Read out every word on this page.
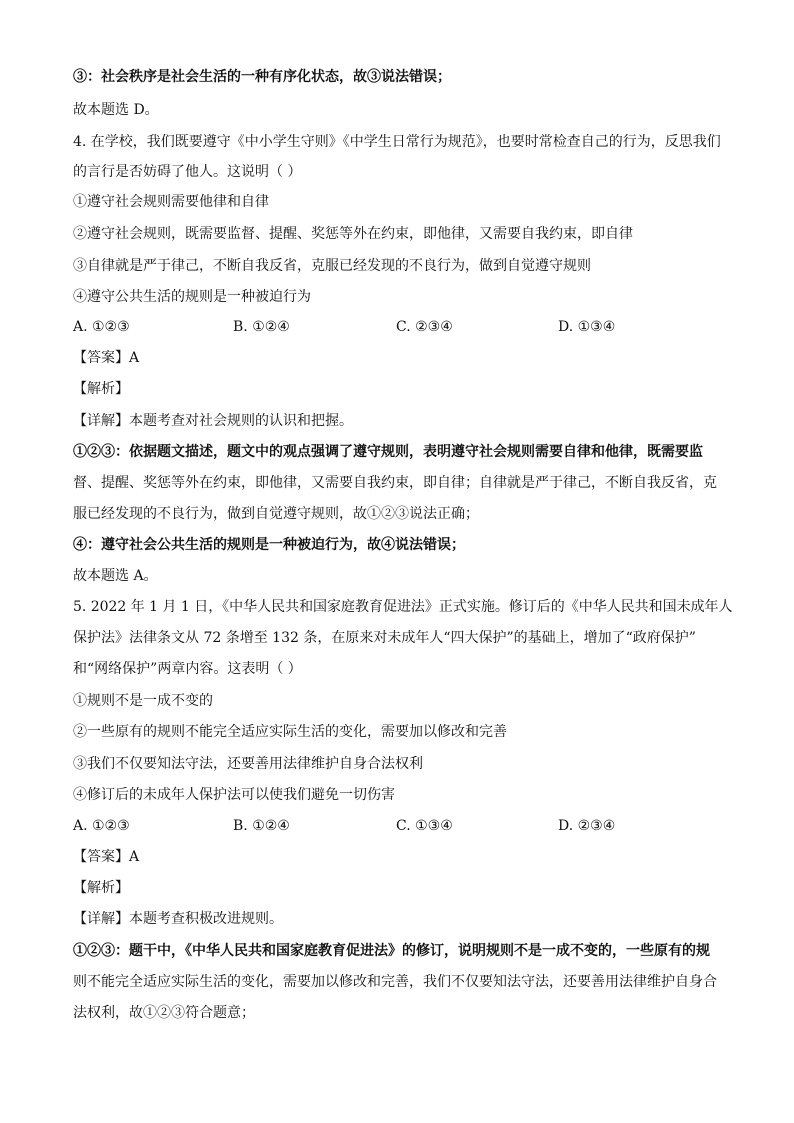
③：社会秩序是社会生活的一种有序化状态，故③说法错误；
故本题选 D。
4. 在学校，我们既要遵守《中小学生守则》《中学生日常行为规范》，也要时常检查自己的行为，反思我们
的言行是否妨碍了他人。这说明（ ）
①遵守社会规则需要他律和自律
②遵守社会规则，既需要监督、提醒、奖惩等外在约束，即他律，又需要自我约束，即自律
③自律就是严于律己，不断自我反省，克服已经发现的不良行为，做到自觉遵守规则
④遵守公共生活的规则是一种被迫行为
A. ①②③	B. ①②④	C. ②③④	D. ①③④
【答案】A
【解析】
【详解】本题考查对社会规则的认识和把握。
①②③：依据题文描述，题文中的观点强调了遵守规则，表明遵守社会规则需要自律和他律，既需要监
督、提醒、奖惩等外在约束，即他律，又需要自我约束，即自律；自律就是严于律己，不断自我反省，克
服已经发现的不良行为，做到自觉遵守规则，故①②③说法正确；
④：遵守社会公共生活的规则是一种被迫行为，故④说法错误；
故本题选 A。
5. 2022 年 1 月 1 日，《中华人民共和国家庭教育促进法》正式实施。修订后的《中华人民共和国未成年人
保护法》法律条文从 72 条增至 132 条，在原来对未成年人“四大保护”的基础上，增加了“政府保护”
和“网络保护”两章内容。这表明（ ）
①规则不是一成不变的
②一些原有的规则不能完全适应实际生活的变化，需要加以修改和完善
③我们不仅要知法守法，还要善用法律维护自身合法权利
④修订后的未成年人保护法可以使我们避免一切伤害
A. ①②③	B. ①②④	C. ①③④	D. ②③④
【答案】A
【解析】
【详解】本题考查积极改进规则。
①②③：题干中，《中华人民共和国家庭教育促进法》的修订，说明规则不是一成不变的，一些原有的规
则不能完全适应实际生活的变化，需要加以修改和完善，我们不仅要知法守法，还要善用法律维护自身合
法权利，故①②③符合题意；
